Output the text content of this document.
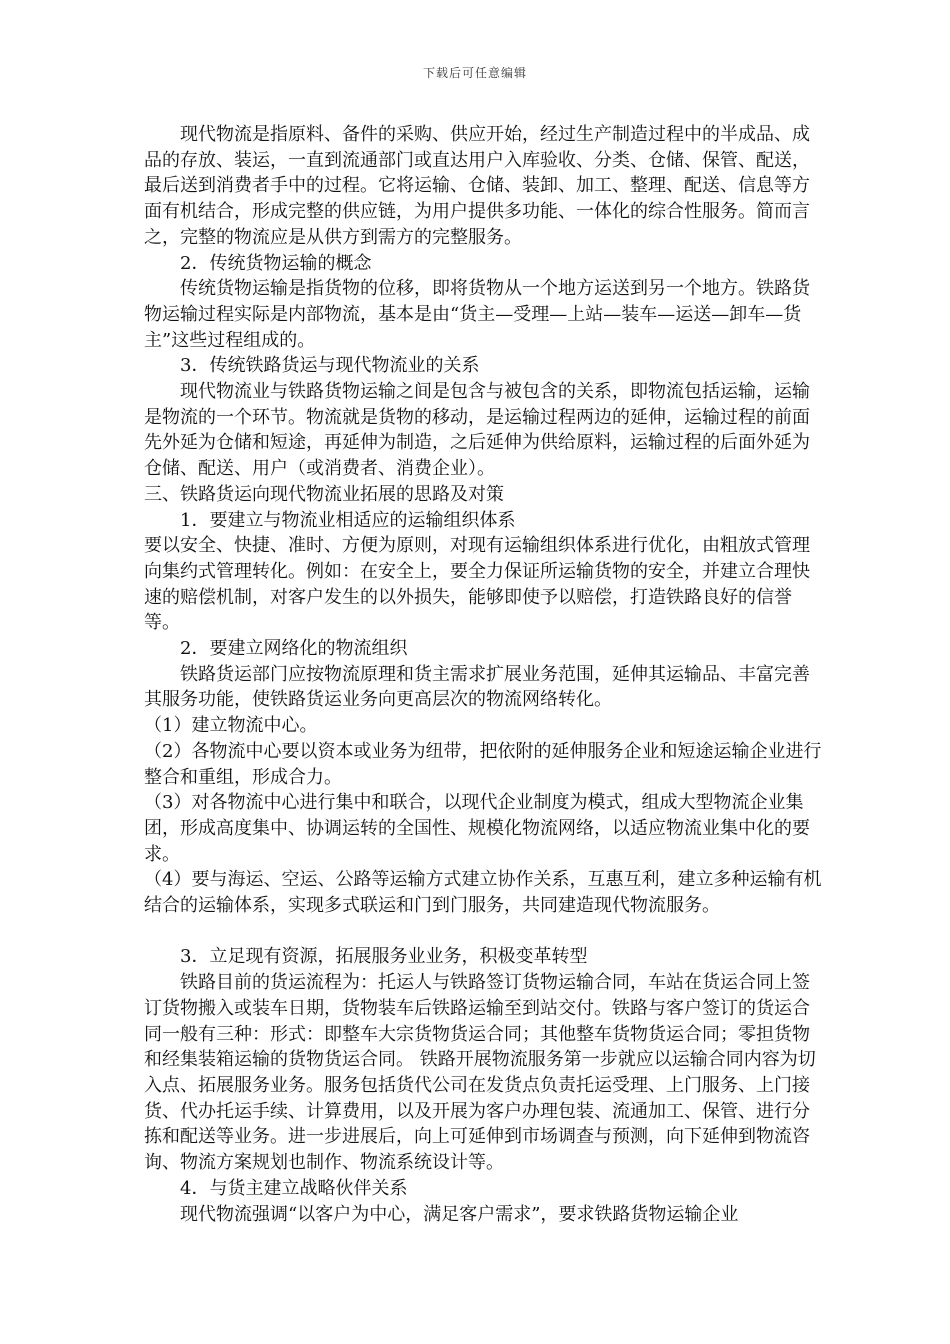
下载后可任意编辑

现代物流是指原料、备件的采购、供应开始，经过生产制造过程中的半成品、成品的存放、装运，一直到流通部门或直达用户入库验收、分类、仓储、保管、配送，最后送到消费者手中的过程。它将运输、仓储、装卸、加工、整理、配送、信息等方面有机结合，形成完整的供应链，为用户提供多功能、一体化的综合性服务。简而言之，完整的物流应是从供方到需方的完整服务。

2．传统货物运输的概念

传统货物运输是指货物的位移，即将货物从一个地方运送到另一个地方。铁路货物运输过程实际是内部物流，基本是由“货主—受理—上站—装车—运送—卸车—货主”这些过程组成的。

3．传统铁路货运与现代物流业的关系

现代物流业与铁路货物运输之间是包含与被包含的关系，即物流包括运输，运输是物流的一个环节。物流就是货物的移动，是运输过程两边的延伸，运输过程的前面先外延为仓储和短途，再延伸为制造，之后延伸为供给原料，运输过程的后面外延为仓储、配送、用户（或消费者、消费企业）。

三、铁路货运向现代物流业拓展的思路及对策

1．要建立与物流业相适应的运输组织体系

要以安全、快捷、准时、方便为原则，对现有运输组织体系进行优化，由粗放式管理向集约式管理转化。例如：在安全上，要全力保证所运输货物的安全，并建立合理快速的赔偿机制，对客户发生的以外损失，能够即使予以赔偿，打造铁路良好的信誉等。

2．要建立网络化的物流组织

铁路货运部门应按物流原理和货主需求扩展业务范围，延伸其运输品、丰富完善其服务功能，使铁路货运业务向更高层次的物流网络转化。

（1）建立物流中心。

（2）各物流中心要以资本或业务为纽带，把依附的延伸服务企业和短途运输企业进行整合和重组，形成合力。

（3）对各物流中心进行集中和联合，以现代企业制度为模式，组成大型物流企业集团，形成高度集中、协调运转的全国性、规模化物流网络，以适应物流业集中化的要求。

（4）要与海运、空运、公路等运输方式建立协作关系，互惠互利，建立多种运输有机结合的运输体系，实现多式联运和门到门服务，共同建造现代物流服务。

3．立足现有资源，拓展服务业业务，积极变革转型

铁路目前的货运流程为：托运人与铁路签订货物运输合同，车站在货运合同上签订货物搬入或装车日期，货物装车后铁路运输至到站交付。铁路与客户签订的货运合同一般有三种：形式：即整车大宗货物货运合同；其他整车货物货运合同；零担货物和经集装箱运输的货物货运合同。 铁路开展物流服务第一步就应以运输合同内容为切入点、拓展服务业务。服务包括货代公司在发货点负责托运受理、上门服务、上门接货、代办托运手续、计算费用，以及开展为客户办理包装、流通加工、保管、进行分拣和配送等业务。进一步进展后，向上可延伸到市场调查与预测，向下延伸到物流咨询、物流方案规划也制作、物流系统设计等。

4．与货主建立战略伙伴关系

现代物流强调“以客户为中心，满足客户需求”，要求铁路货物运输企业
